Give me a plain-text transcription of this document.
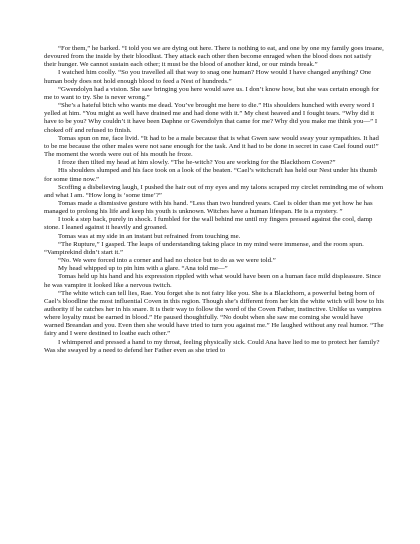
“For them,” he barked. “I told you we are dying out here. There is nothing to eat, and one by one my family goes insane, devoured from the inside by their bloodlust. They attack each other then become enraged when the blood does not satisfy their hunger. We cannot sustain each other; it must be the blood of another kind, or our minds break.”

I watched him coolly. “So you travelled all that way to snag one human? How would I have changed anything? One human body does not hold enough blood to feed a Nest of hundreds.”

“Gwendolyn had a vision. She saw bringing you here would save us. I don’t know how, but she was certain enough for me to want to try. She is never wrong.”

“She’s a hateful bitch who wants me dead. You’ve brought me here to die.” His shoulders hunched with every word I yelled at him. “You might as well have drained me and had done with it.” My chest heaved and I fought tears. “Why did it have to be you? Why couldn’t it have been Daphne or Gwendolyn that came for me? Why did you make me think you—” I choked off and refused to finish.

Tomas spun on me, face livid. “It had to be a male because that is what Gwen saw would sway your sympathies. It had to be me because the other males were not sane enough for the task. And it had to be done in secret in case Cael found out!” The moment the words were out of his mouth he froze.

I froze then tilted my head at him slowly. “The he-witch? You are working for the Blackthorn Coven?”

His shoulders slumped and his face took on a look of the beaten. “Cael’s witchcraft has held our Nest under his thumb for some time now.”

Scoffing a disbelieving laugh, I pushed the hair out of my eyes and my talons scraped my circlet reminding me of whom and what I am. “How long is ‘some time’?”

Tomas made a dismissive gesture with his hand. “Less than two hundred years. Cael is older than me yet how he has managed to prolong his life and keep his youth is unknown. Witches have a human lifespan. He is a mystery. ”

I took a step back, purely in shock. I fumbled for the wall behind me until my fingers pressed against the cool, damp stone. I leaned against it heavily and groaned.

Tomas was at my side in an instant but refrained from touching me.

“The Rupture,” I gasped. The leaps of understanding taking place in my mind were immense, and the room spun. “Vampirekind didn’t start it.”

“No. We were forced into a corner and had no choice but to do as we were told.”

My head whipped up to pin him with a glare. “Ana told me—”

Tomas held up his hand and his expression rippled with what would have been on a human face mild displeasure. Since he was vampire it looked like a nervous twitch.

“The white witch can tell lies, Rae. You forget she is not fairy like you. She is a Blackthorn, a powerful being born of Cael’s bloodline the most influential Coven in this region. Though she’s different from her kin the white witch will bow to his authority if he catches her in his snare. It is their way to follow the word of the Coven Father, instinctive. Unlike us vampires where loyalty must be earned in blood.” He paused thoughtfully. “No doubt when she saw me coming she would have warned Breandan and you. Even then she would have tried to turn you against me.” He laughed without any real humor. “The fairy and I were destined to loathe each other.”

I whimpered and pressed a hand to my throat, feeling physically sick. Could Ana have lied to me to protect her family? Was she swayed by a need to defend her Father even as she tried to
